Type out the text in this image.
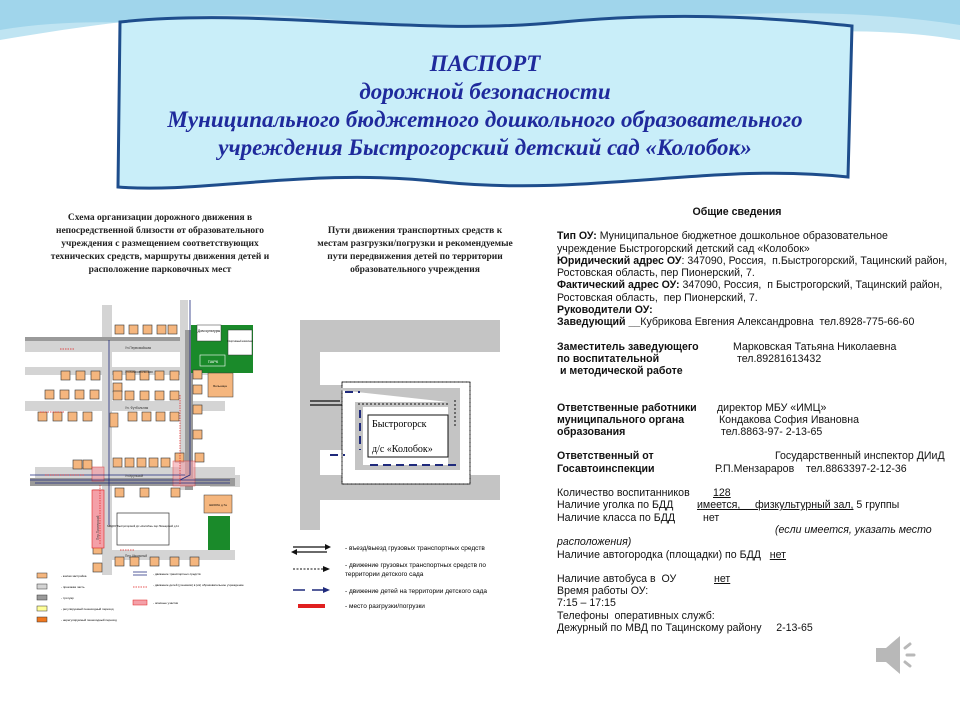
ПАСПОРТ
дорожной безопасности
Муниципального бюджетного дошкольного образовательного
учреждения Быстрогорский детский сад «Колобок»
Схема организации дорожного движения в
непосредственной близости от образовательного
учреждения с размещением соответствующих
технических средств, маршруты движения детей и
расположение парковочных мест
Пути движения транспортных средств к
местам разгрузки/погрузки и рекомендуемые
пути передвижения детей по территории
образовательного учреждения

Общие сведения

Тип ОУ: Муниципальное бюджетное дошкольное образовательное

учреждение Быстрогорский детский сад «Колобок»

Юридический адрес ОУ: 347090, Россия,  п.Быстрогорский, Тацинский район,

Ростовская область, пер Пионерский, 7.

Фактический адрес ОУ: 347090, Россия,  п Быстрогорский, Тацинский район,

Ростовская область,  пер Пионерский, 7.

Руководители ОУ:

Заведующий __Кубрикова Евгения Александровна  тел.8928-775-66-60

Заместитель заведующего	Марковская Татьяна Николаевна

по воспитательной	тел.89281613432

и методической работе

Ответственные работники директор МБУ «ИМЦ»

муниципального органа	Кондакова София Ивановна

образования	тел.8863-97- 2-13-65

Ответственный от	Государственный инспектор ДИиД

Госавтоинспекции	Р.П.Мензараров    тел.8863397-2-12-36

Количество воспитанников 128

Наличие уголка по БДД имеется,     физкультурный зал, 5 группы

Наличие класса по БДД	нет

(если имеется, указать место

расположения)

Наличие автогородка (площадки) по БДД нет

Наличие автобуса в  ОУ	нет

Время работы ОУ:

7:15 – 17:15

Телефоны  оперативных служб:

Дежурный по МВД по Тацинскому району 2-13-65

Дом культуры
Спортивный комплекс
ПАРК
Больница
МБДОУ Быстрогорский д/с «Колобок» пер.Пионерский д.11
ШКОЛА д.7а
Ул.Первомайская
Ул.Комсомольская
Ул. Футбольная
Ул.Крупской
Пер.Школьный
Пер.Пионерский
- жилая застройка
- проезжая часть
- тротуар
- регулируемый пешеходный переход
- нерегулируемый пешеходный переход
- движение транспортных средств
- движение детей (учеников) в (из) образовательное учреждение
- опасные участки
Быстрогорск
д/с «Колобок»
- въезд/выезд грузовых транспортных средств
- движение грузовых транспортных средств по
территории детского сада
- движение детей на территории детского сада
- место разгрузки/погрузки
